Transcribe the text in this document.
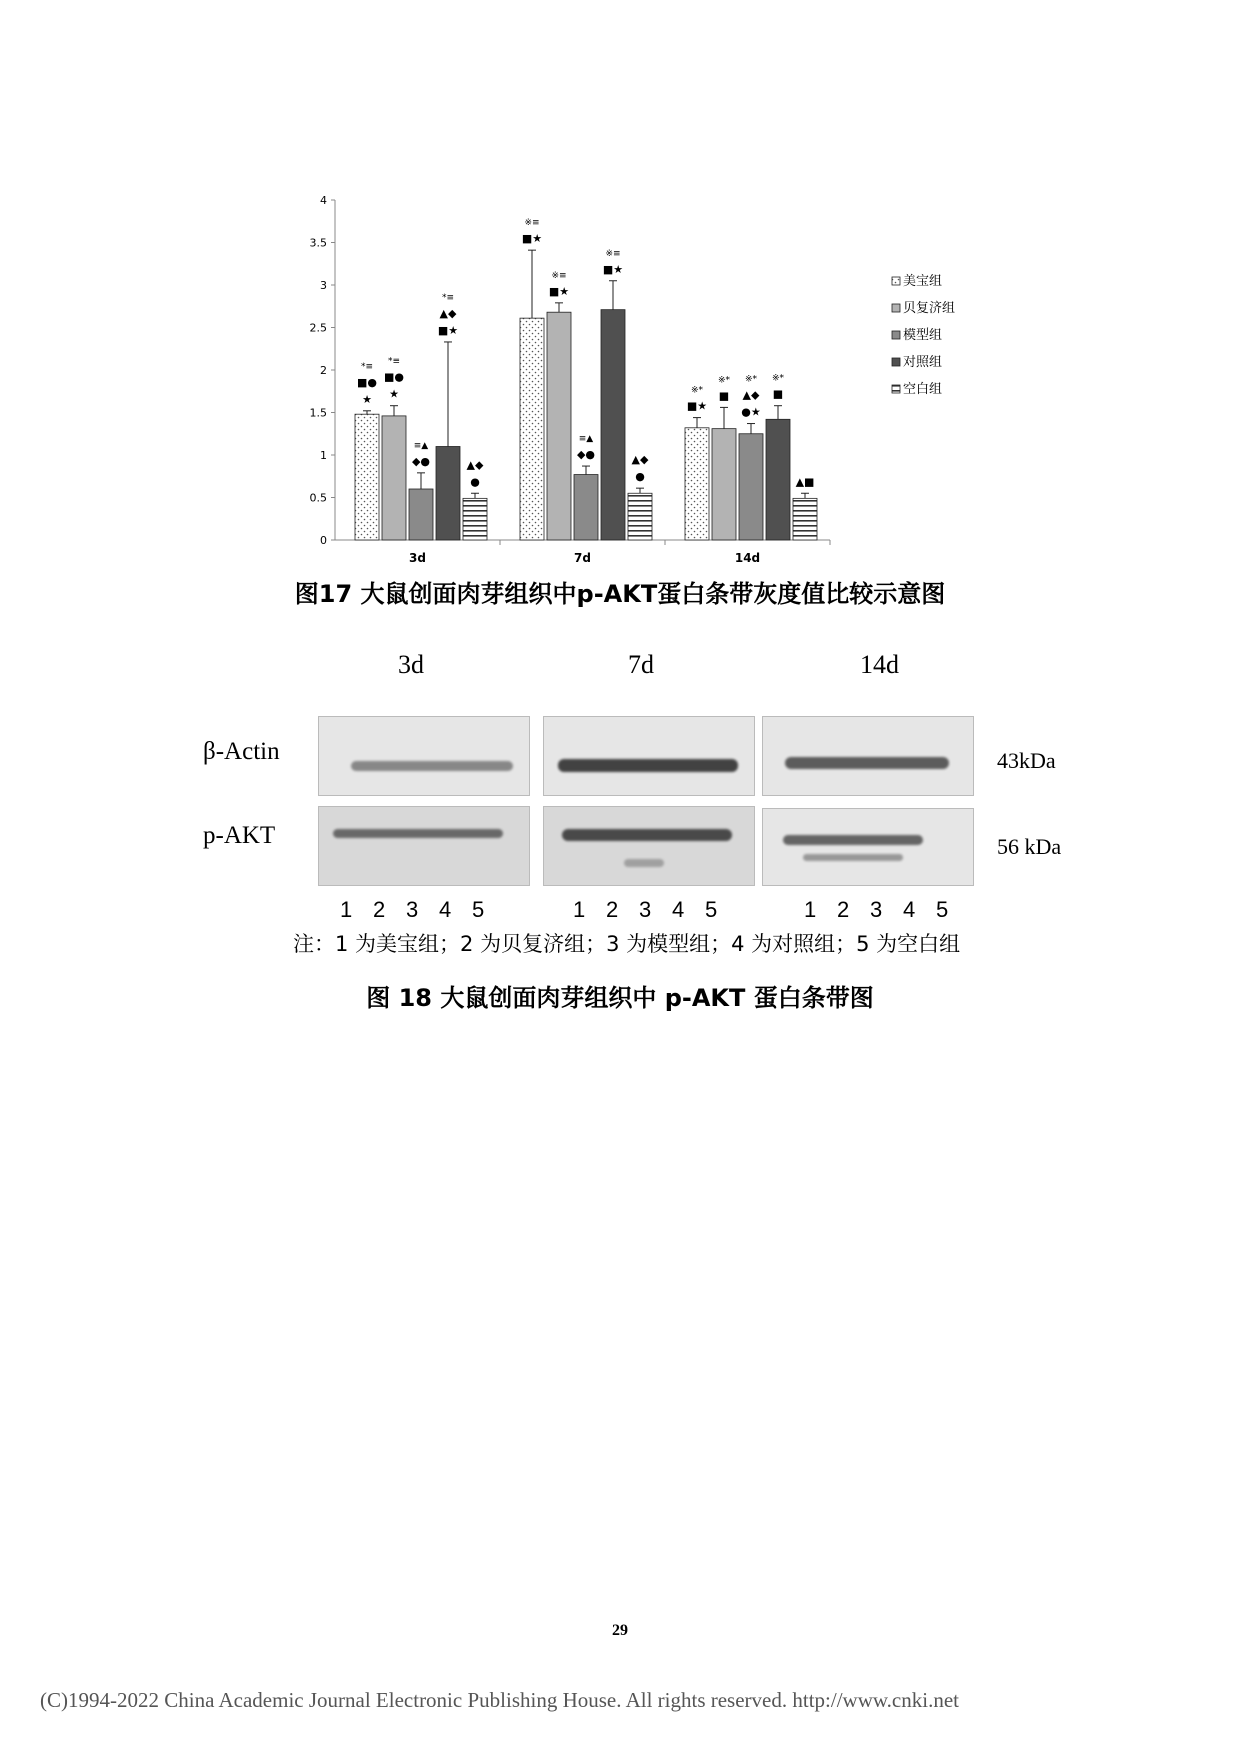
0
0.5
1
1.5
2
2.5
3
3.5
4
*≡
■●
★
*≡
■●
★
≡▲
◆●
*≡
▲◆
■★
▲◆
●
3d
※≡
■★
※≡
■★
≡▲
◆●
※≡
■★
▲◆
●
7d
※*
■★
※*
■
※*
▲◆
●★
※*
■
▲■
14d
美宝组
贝复济组
模型组
对照组
空白组
图17 大鼠创面肉芽组织中p-AKT蛋白条带灰度值比较示意图
3d	7d	14d
β-Actin
p-AKT
43kDa
56 kDa
1 2 3 4 5	1 2 3 4 5	1 2 3 4 5
注：1 为美宝组；2 为贝复济组；3 为模型组；4 为对照组；5 为空白组
图 18 大鼠创面肉芽组织中 p-AKT 蛋白条带图
29
(C)1994-2022 China Academic Journal Electronic Publishing House. All rights reserved. http://www.cnki.net
